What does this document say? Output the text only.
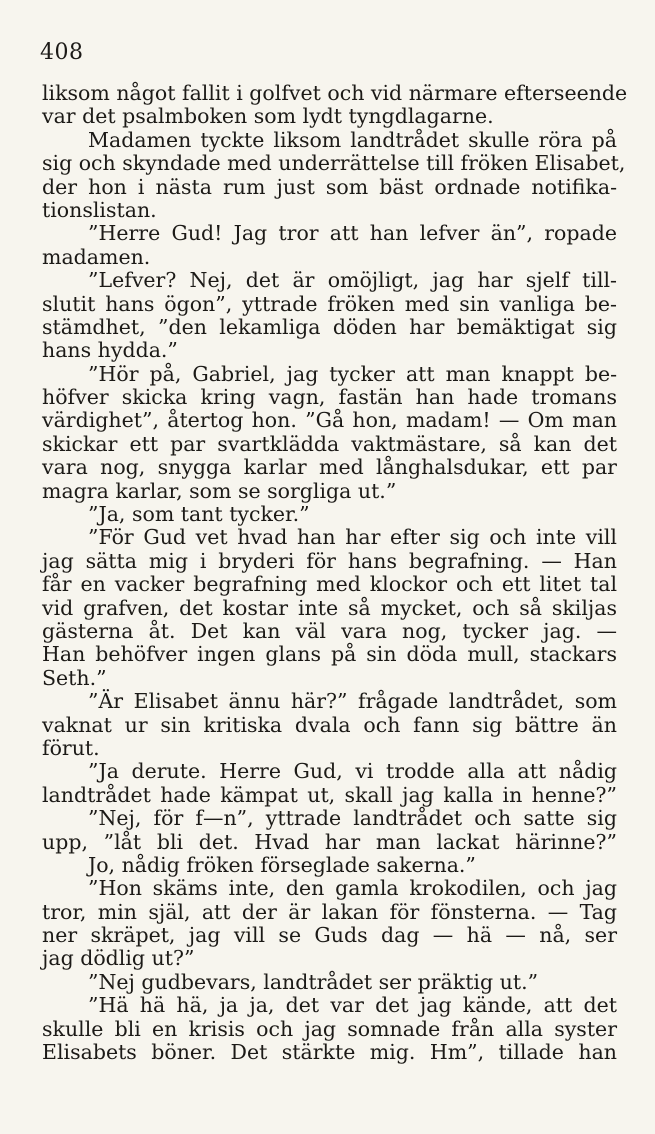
408
liksom något fallit i golfvet och vid närmare efterseende
var det psalmboken som lydt tyngdlagarne.
Madamen tyckte liksom landtrådet skulle röra på
sig och skyndade med underrättelse till fröken Elisabet,
der hon i nästa rum just som bäst ordnade notifika-
tionslistan.
”Herre Gud! Jag tror att han lefver än”, ropade
madamen.
”Lefver? Nej, det är omöjligt, jag har sjelf till-
slutit hans ögon”, yttrade fröken med sin vanliga be-
stämdhet, ”den lekamliga döden har bemäktigat sig
hans hydda.”
”Hör på, Gabriel, jag tycker att man knappt be-
höfver skicka kring vagn, fastän han hade tromans
värdighet”, återtog hon. ”Gå hon, madam! — Om man
skickar ett par svartklädda vaktmästare, så kan det
vara nog, snygga karlar med långhalsdukar, ett par
magra karlar, som se sorgliga ut.”
”Ja, som tant tycker.”
”För Gud vet hvad han har efter sig och inte vill
jag sätta mig i bryderi för hans begrafning. — Han
får en vacker begrafning med klockor och ett litet tal
vid grafven, det kostar inte så mycket, och så skiljas
gästerna åt. Det kan väl vara nog, tycker jag. —
Han behöfver ingen glans på sin döda mull, stackars
Seth.”
”Är Elisabet ännu här?” frågade landtrådet, som
vaknat ur sin kritiska dvala och fann sig bättre än
förut.
”Ja derute. Herre Gud, vi trodde alla att nådig
landtrådet hade kämpat ut, skall jag kalla in henne?”
”Nej, för f—n”, yttrade landtrådet och satte sig
upp, ”låt bli det. Hvad har man lackat härinne?”
Jo, nådig fröken förseglade sakerna.”
”Hon skäms inte, den gamla krokodilen, och jag
tror, min själ, att der är lakan för fönsterna. — Tag
ner skräpet, jag vill se Guds dag — hä — nå, ser
jag dödlig ut?”
”Nej gudbevars, landtrådet ser präktig ut.”
”Hä hä hä, ja ja, det var det jag kände, att det
skulle bli en krisis och jag somnade från alla syster
Elisabets böner. Det stärkte mig. Hm”, tillade han
